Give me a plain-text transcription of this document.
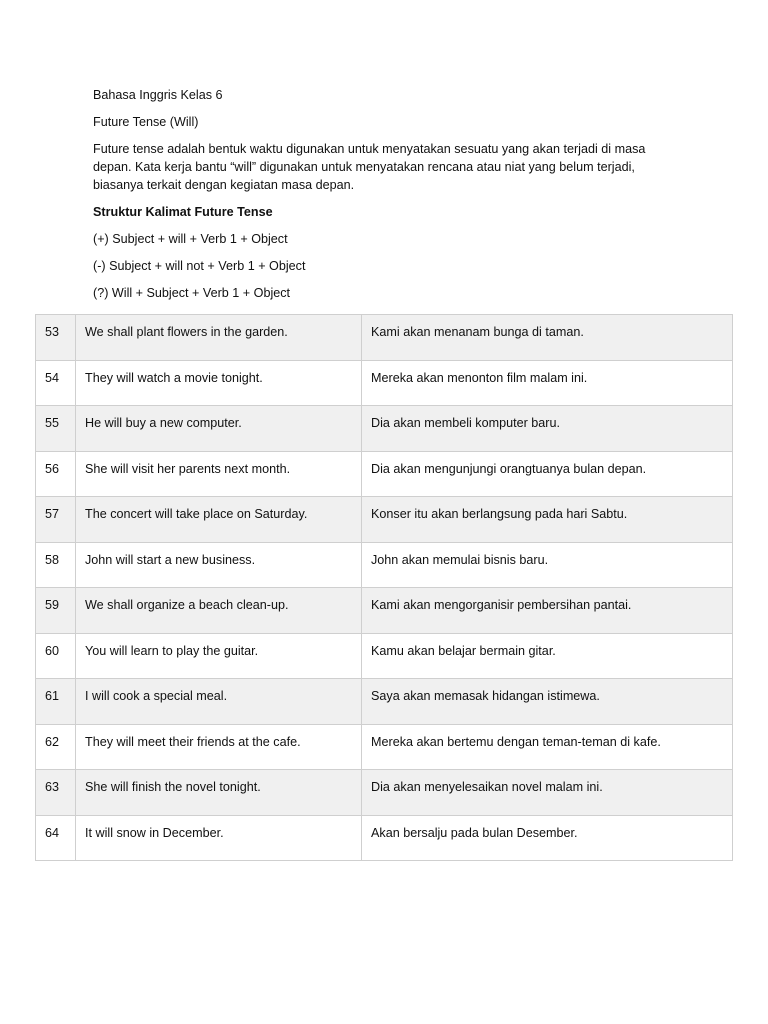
Bahasa Inggris Kelas 6

Future Tense (Will)

Future tense adalah bentuk waktu digunakan untuk menyatakan sesuatu yang akan terjadi di masa depan. Kata kerja bantu “will” digunakan untuk menyatakan rencana atau niat yang belum terjadi, biasanya terkait dengan kegiatan masa depan.

Struktur Kalimat Future Tense

(+) Subject + will + Verb 1 + Object

(-) Subject + will not + Verb 1 + Object

(?) Will + Subject + Verb 1 + Object

53	We shall plant flowers in the garden.	Kami akan menanam bunga di taman.
54	They will watch a movie tonight.	Mereka akan menonton film malam ini.
55	He will buy a new computer.	Dia akan membeli komputer baru.
56	She will visit her parents next month.	Dia akan mengunjungi orangtuanya bulan depan.
57	The concert will take place on Saturday.	Konser itu akan berlangsung pada hari Sabtu.
58	John will start a new business.	John akan memulai bisnis baru.
59	We shall organize a beach clean-up.	Kami akan mengorganisir pembersihan pantai.
60	You will learn to play the guitar.	Kamu akan belajar bermain gitar.
61	I will cook a special meal.	Saya akan memasak hidangan istimewa.
62	They will meet their friends at the cafe.	Mereka akan bertemu dengan teman-teman di kafe.
63	She will finish the novel tonight.	Dia akan menyelesaikan novel malam ini.
64	It will snow in December.	Akan bersalju pada bulan Desember.
